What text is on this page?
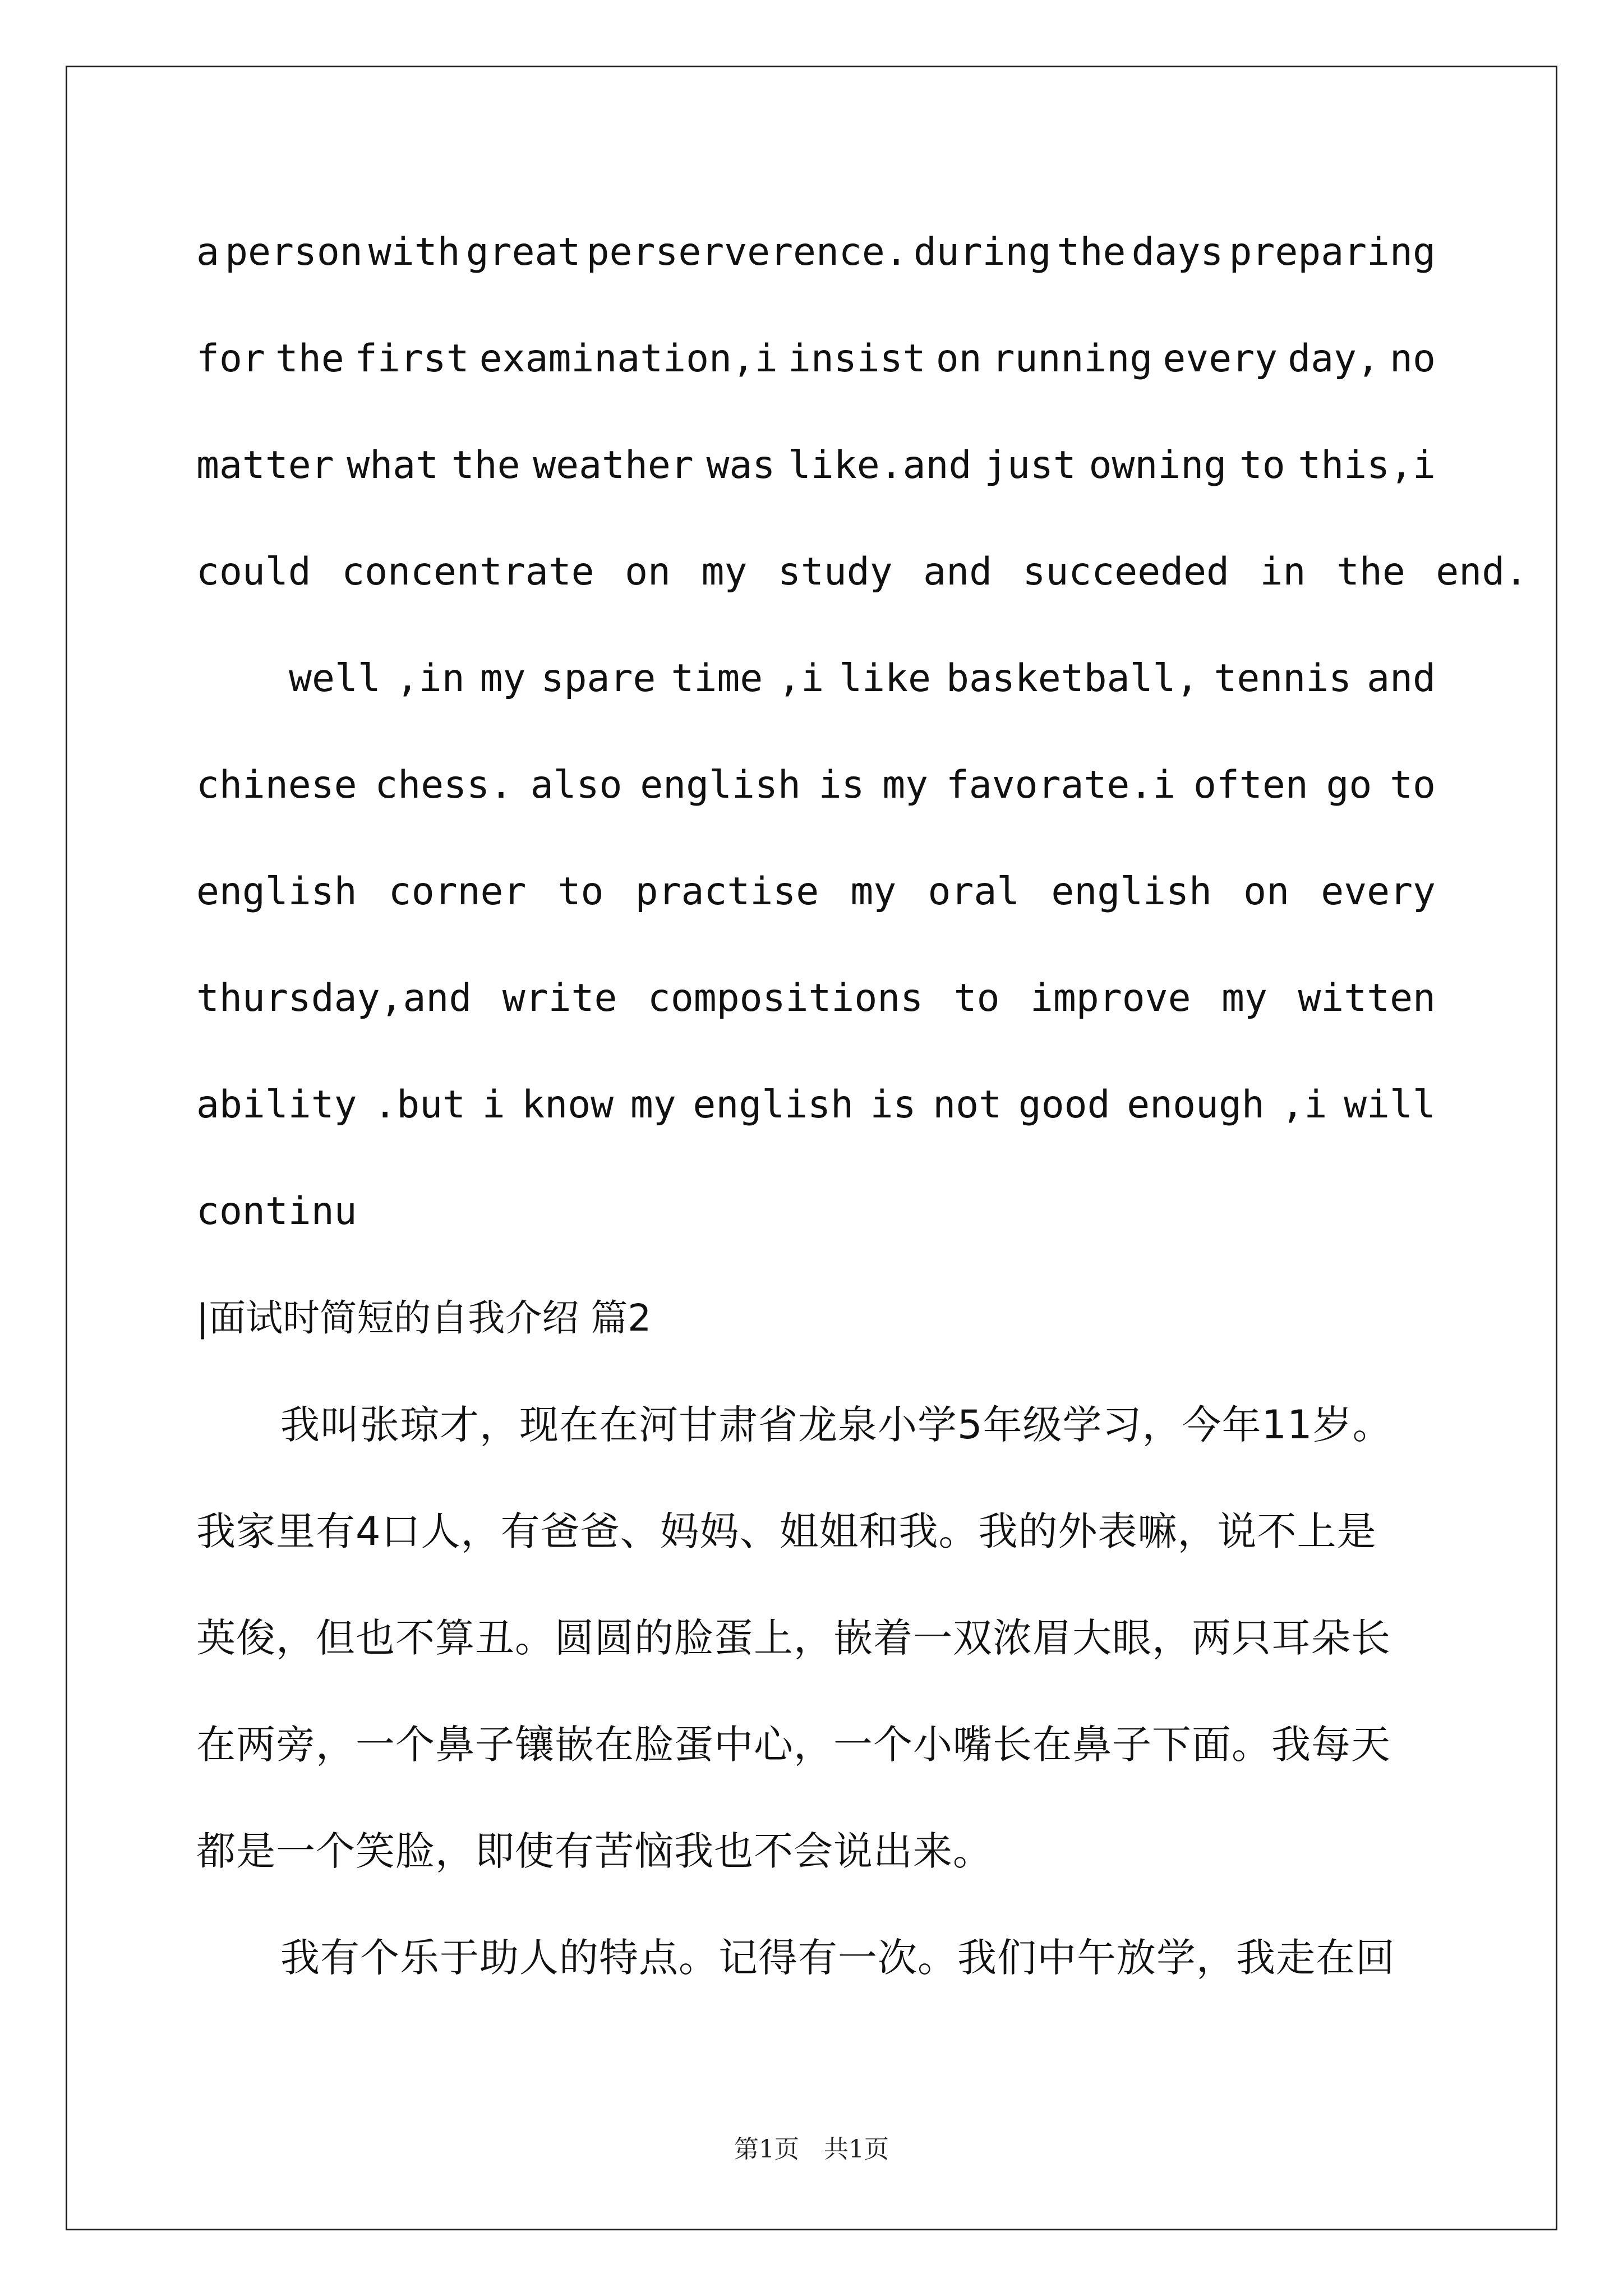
a person with great perserverence. during the days preparing
for the first examination,i insist on running every day, no
matter what the weather was like.and just owning to this,i
could concentrate on my study and succeeded in the end.
well ,in my spare time ,i like basketball, tennis and
chinese chess. also english is my favorate.i often go to
english corner to practise my oral english on every
thursday,and write compositions to improve my witten
ability .but i know my english is not good enough ,i will
continu
|面试时简短的自我介绍 篇2
我叫张琼才，现在在河甘肃省龙泉小学5年级学习，今年11岁。
我家里有4口人，有爸爸、妈妈、姐姐和我。我的外表嘛，说不上是
英俊，但也不算丑。圆圆的脸蛋上，嵌着一双浓眉大眼，两只耳朵长
在两旁，一个鼻子镶嵌在脸蛋中心，一个小嘴长在鼻子下面。我每天
都是一个笑脸，即使有苦恼我也不会说出来。
我有个乐于助人的特点。记得有一次。我们中午放学，我走在回
第1页　共1页
